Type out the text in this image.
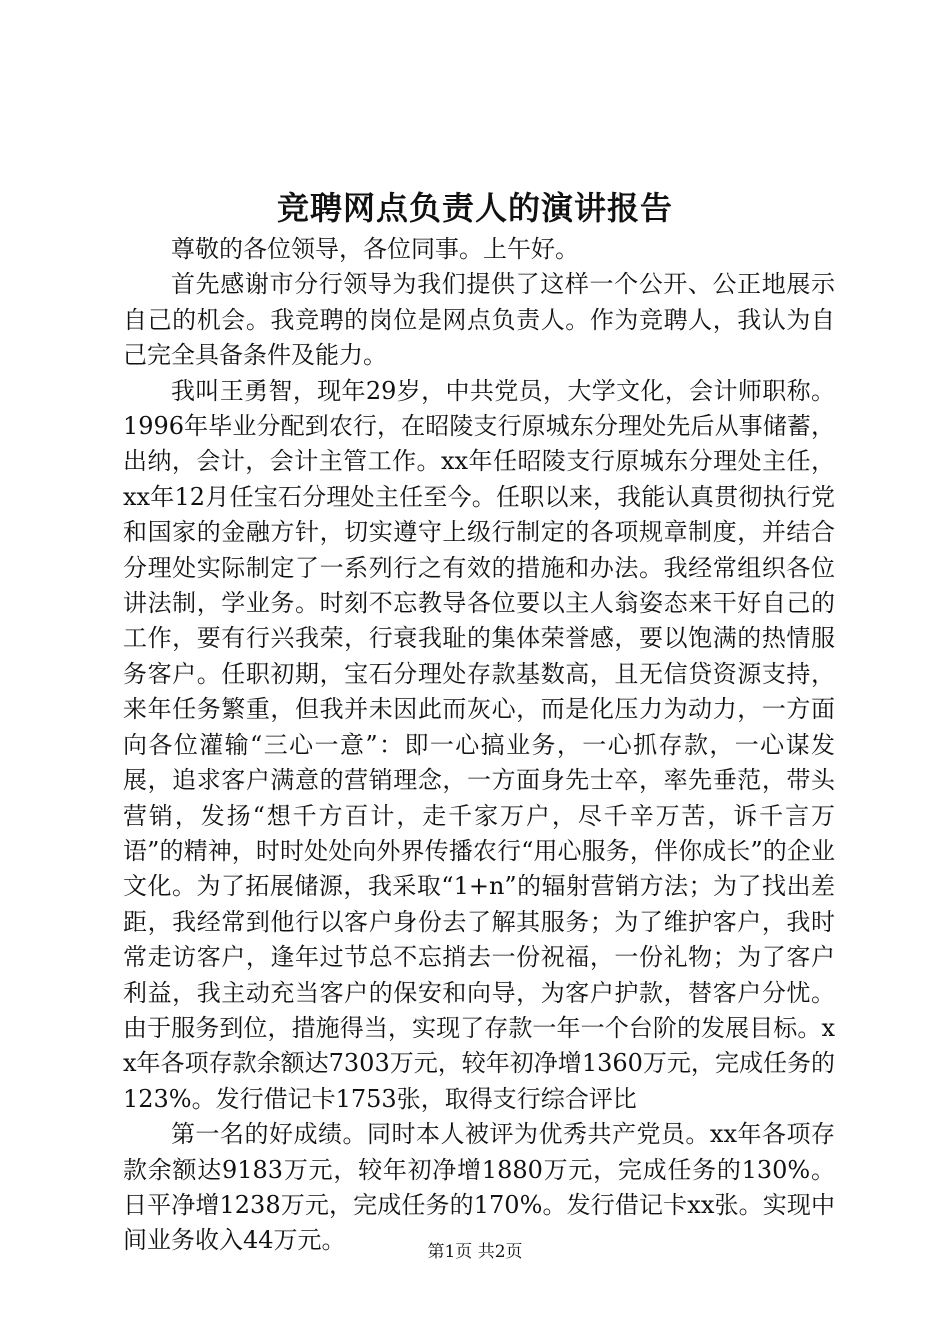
竞聘网点负责人的演讲报告

尊敬的各位领导，各位同事。上午好。

首先感谢市分行领导为我们提供了这样一个公开、公正地展示自己的机会。我竞聘的岗位是网点负责人。作为竞聘人，我认为自己完全具备条件及能力。

我叫王勇智，现年29岁，中共党员，大学文化，会计师职称。1996年毕业分配到农行，在昭陵支行原城东分理处先后从事储蓄，出纳，会计，会计主管工作。xx年任昭陵支行原城东分理处主任，xx年12月任宝石分理处主任至今。任职以来，我能认真贯彻执行党和国家的金融方针，切实遵守上级行制定的各项规章制度，并结合分理处实际制定了一系列行之有效的措施和办法。我经常组织各位讲法制，学业务。时刻不忘教导各位要以主人翁姿态来干好自己的工作，要有行兴我荣，行衰我耻的集体荣誉感，要以饱满的热情服务客户。任职初期，宝石分理处存款基数高，且无信贷资源支持，来年任务繁重，但我并未因此而灰心，而是化压力为动力，一方面向各位灌输“三心一意”：即一心搞业务，一心抓存款，一心谋发展，追求客户满意的营销理念，一方面身先士卒，率先垂范，带头营销，发扬“想千方百计，走千家万户，尽千辛万苦，诉千言万语”的精神，时时处处向外界传播农行“用心服务，伴你成长”的企业文化。为了拓展储源，我采取“1+n”的辐射营销方法；为了找出差距，我经常到他行以客户身份去了解其服务；为了维护客户，我时常走访客户，逢年过节总不忘捎去一份祝福，一份礼物；为了客户利益，我主动充当客户的保安和向导，为客户护款，替客户分忧。由于服务到位，措施得当，实现了存款一年一个台阶的发展目标。xx年各项存款余额达7303万元，较年初净增1360万元，完成任务的123%。发行借记卡1753张，取得支行综合评比

第一名的好成绩。同时本人被评为优秀共产党员。xx年各项存款余额达9183万元，较年初净增1880万元，完成任务的130%。日平净增1238万元，完成任务的170%。发行借记卡xx张。实现中间业务收入44万元。	第1页 共2页
